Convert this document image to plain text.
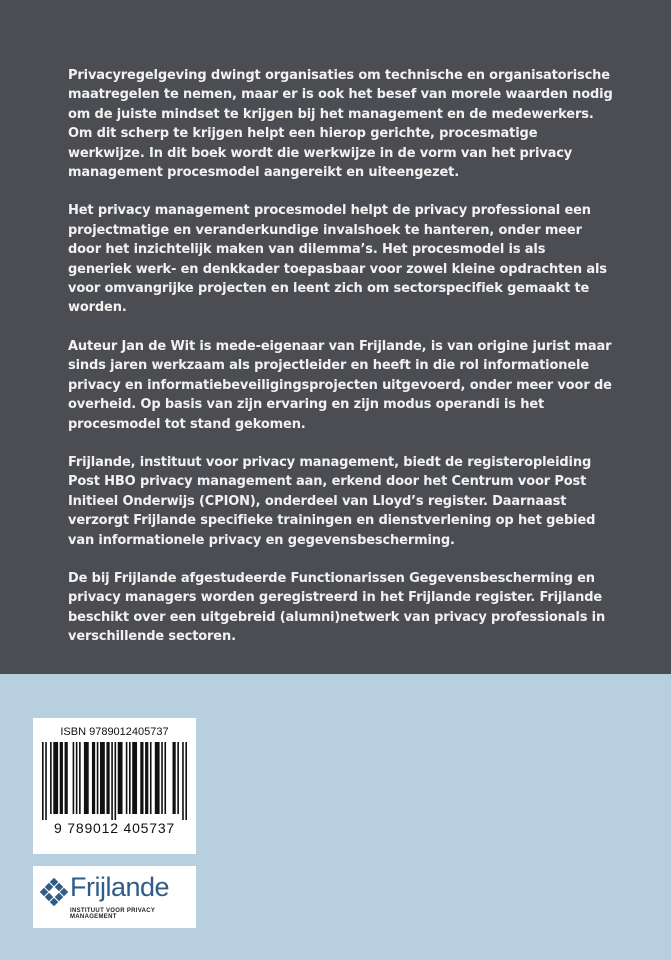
Privacyregelgeving dwingt organisaties om technische en organisatorische maatregelen te nemen, maar er is ook het besef van morele waarden nodig om de juiste mindset te krijgen bij het management en de medewerkers. Om dit scherp te krijgen helpt een hierop gerichte, procesmatige werkwijze. In dit boek wordt die werkwijze in de vorm van het privacy management procesmodel aangereikt en uiteengezet.

Het privacy management procesmodel helpt de privacy professional een projectmatige en veranderkundige invalshoek te hanteren, onder meer door het inzichtelijk maken van dilemma’s. Het procesmodel is als generiek werk- en denkkader toepasbaar voor zowel kleine opdrachten als voor omvangrijke projecten en leent zich om sectorspecifiek gemaakt te worden.

Auteur Jan de Wit is mede-eigenaar van Frijlande, is van origine jurist maar sinds jaren werkzaam als projectleider en heeft in die rol informationele privacy en informatiebeveiligingsprojecten uitgevoerd, onder meer voor de overheid. Op basis van zijn ervaring en zijn modus operandi is het procesmodel tot stand gekomen.

Frijlande, instituut voor privacy management, biedt de registeropleiding Post HBO privacy management aan, erkend door het Centrum voor Post Initieel Onderwijs (CPION), onderdeel van Lloyd’s register. Daarnaast verzorgt Frijlande specifieke trainingen en dienstverlening op het gebied van informationele privacy en gegevensbescherming.

De bij Frijlande afgestudeerde Functionarissen Gegevensbescherming en privacy managers worden geregistreerd in het Frijlande register. Frijlande beschikt over een uitgebreid (alumni)netwerk van privacy professionals in verschillende sectoren.

ISBN 9789012405737
9 789012 405737
Frijlande
INSTITUUT VOOR PRIVACY MANAGEMENT
